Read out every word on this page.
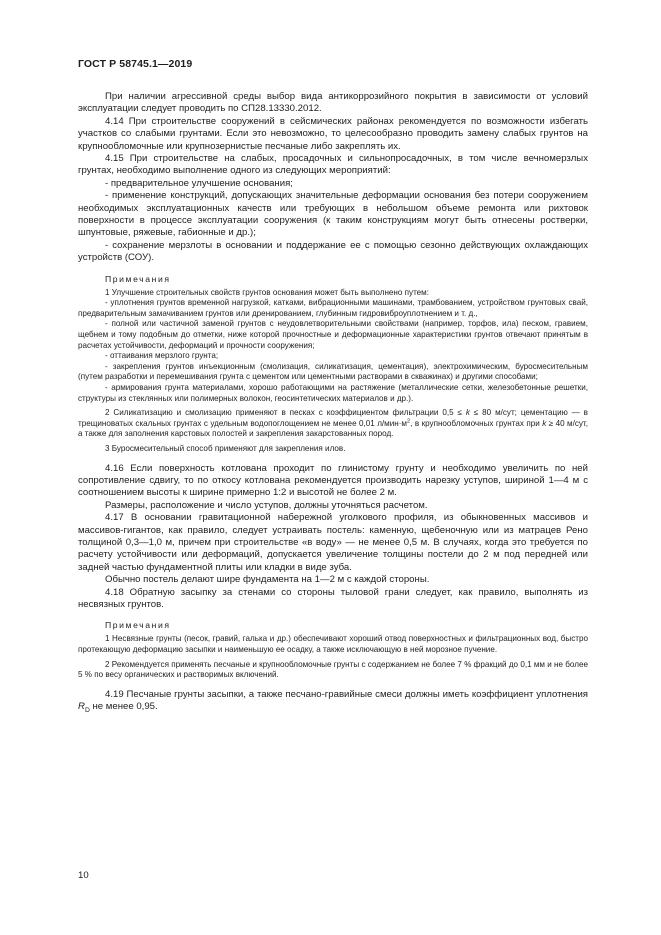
ГОСТ Р 58745.1—2019

При наличии агрессивной среды выбор вида антикоррозийного покрытия в зависимости от условий эксплуатации следует проводить по СП28.13330.2012.

4.14 При строительстве сооружений в сейсмических районах рекомендуется по возможности избегать участков со слабыми грунтами. Если это невозможно, то целесообразно проводить замену слабых грунтов на крупнообломочные или крупнозернистые песчаные либо закреплять их.

4.15 При строительстве на слабых, просадочных и сильнопросадочных, в том числе вечномерзлых грунтах, необходимо выполнение одного из следующих мероприятий:

- предварительное улучшение основания;

- применение конструкций, допускающих значительные деформации основания без потери сооружением необходимых эксплуатационных качеств или требующих в небольшом объеме ремонта или рихтовок поверхности в процессе эксплуатации сооружения (к таким конструкциям могут быть отнесены ростверки, шпунтовые, ряжевые, габионные и др.);

- сохранение мерзлоты в основании и поддержание ее с помощью сезонно действующих охлаждающих устройств (СОУ).

Примечания

1 Улучшение строительных свойств грунтов основания может быть выполнено путем:

- уплотнения грунтов временной нагрузкой, катками, вибрационными машинами, трамбованием, устройством грунтовых свай, предварительным замачиванием грунтов или дренированием, глубинным гидровиброуплотнением и т. д.,

- полной или частичной заменой грунтов с неудовлетворительными свойствами (например, торфов, ила) песком, гравием, щебнем и тому подобным до отметки, ниже которой прочностные и деформационные характеристики грунтов отвечают принятым в расчетах устойчивости, деформаций и прочности сооружения;

- оттаивания мерзлого грунта;

- закрепления грунтов инъекционным (смолизация, силикатизация, цементация), электрохимическим, буросмесительным (путем разработки и перемешивания грунта с цементом или цементными растворами в скважинах) и другими способами;

- армирования грунта материалами, хорошо работающими на растяжение (металлические сетки, железобетонные решетки, структуры из стеклянных или полимерных волокон, геосинтетических материалов и др.).

2 Силикатизацию и смолизацию применяют в песках с коэффициентом фильтрации 0,5 ≤ k ≤ 80 м/сут; цементацию — в трещиноватых скальных грунтах с удельным водопоглощением не менее 0,01 $л/мин\cdot м^2$, в крупнообломочных грунтах при k ≥ 40 м/сут, а также для заполнения карстовых полостей и закрепления закарстованных пород.

3 Буросмесительный способ применяют для закрепления илов.

4.16 Если поверхность котлована проходит по глинистому грунту и необходимо увеличить по ней сопротивление сдвигу, то по откосу котлована рекомендуется производить нарезку уступов, шириной 1—4 м с соотношением высоты к ширине примерно 1:2 и высотой не более 2 м.

Размеры, расположение и число уступов, должны уточняться расчетом.

4.17 В основании гравитационной набережной уголкового профиля, из обыкновенных массивов и массивов-гигантов, как правило, следует устраивать постель: каменную, щебеночную или из матрацев Рено толщиной 0,3—1,0 м, причем при строительстве «в воду» — не менее 0,5 м. В случаях, когда это требуется по расчету устойчивости или деформаций, допускается увеличение толщины постели до 2 м под передней или задней частью фундаментной плиты или кладки в виде зуба.

Обычно постель делают шире фундамента на 1—2 м с каждой стороны.

4.18 Обратную засыпку за стенами со стороны тыловой грани следует, как правило, выполнять из несвязных грунтов.

Примечания

1 Несвязные грунты (песок, гравий, галька и др.) обеспечивают хороший отвод поверхностных и фильтрационных вод, быстро протекающую деформацию засыпки и наименьшую ее осадку, а также исключающую в ней морозное пучение.

2 Рекомендуется применять песчаные и крупнообломочные грунты с содержанием не более 7 % фракций до 0,1 мм и не более 5 % по весу органических и растворимых включений.

4.19 Песчаные грунты засыпки, а также песчано-гравийные смеси должны иметь коэффициент уплотнения $R_D$ не менее 0,95.

10
